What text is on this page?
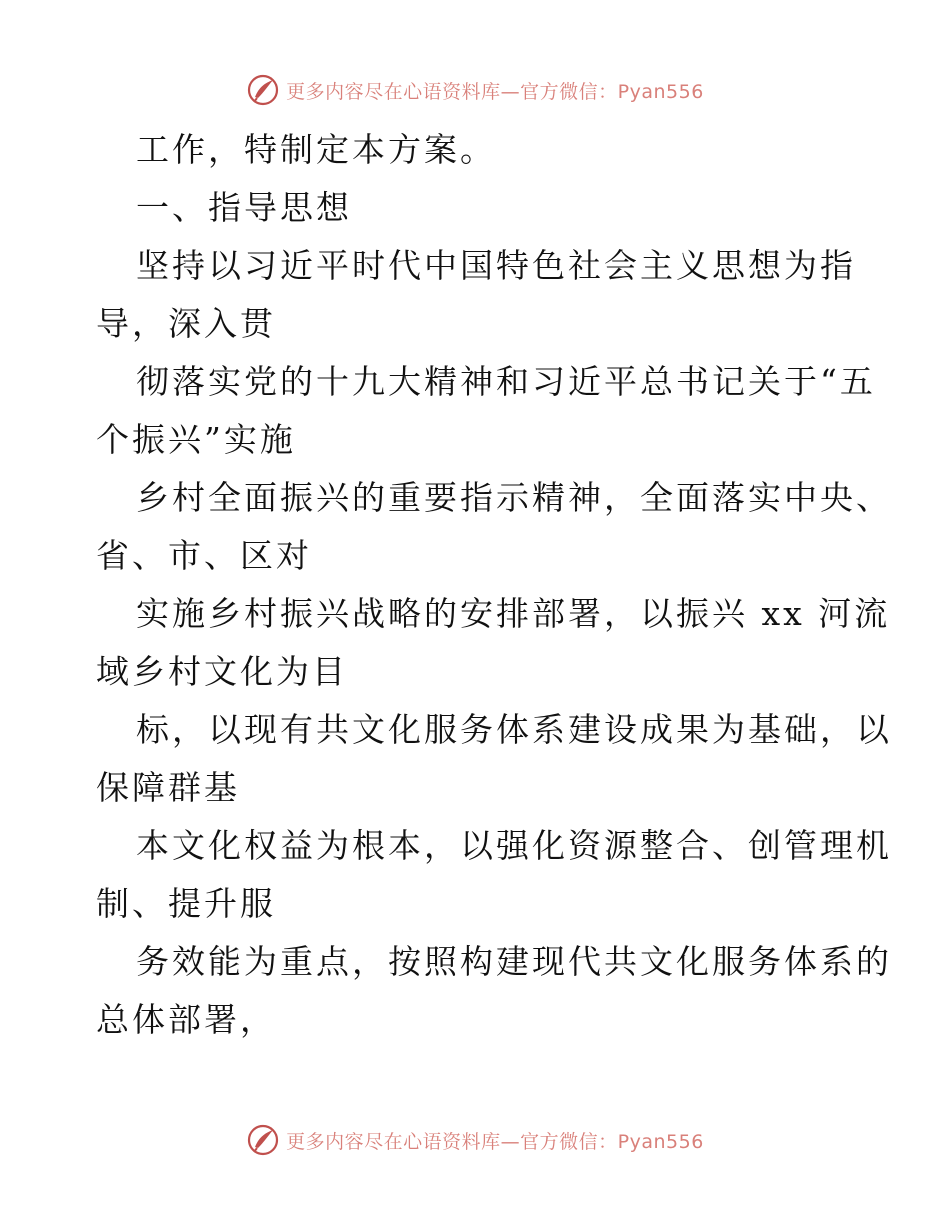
更多内容尽在心语资料库—官方微信：Pyan556

工作，特制定本方案。

一、指导思想

坚持以习近平时代中国特色社会主义思想为指

导，深入贯

彻落实党的十九大精神和习近平总书记关于“五

个振兴”实施

乡村全面振兴的重要指示精神，全面落实中央、

省、市、区对

实施乡村振兴战略的安排部署，以振兴 xx 河流

域乡村文化为目

标，以现有共文化服务体系建设成果为基础，以

保障群基

本文化权益为根本，以强化资源整合、创管理机

制、提升服

务效能为重点，按照构建现代共文化服务体系的

总体部署，

更多内容尽在心语资料库—官方微信：Pyan556
